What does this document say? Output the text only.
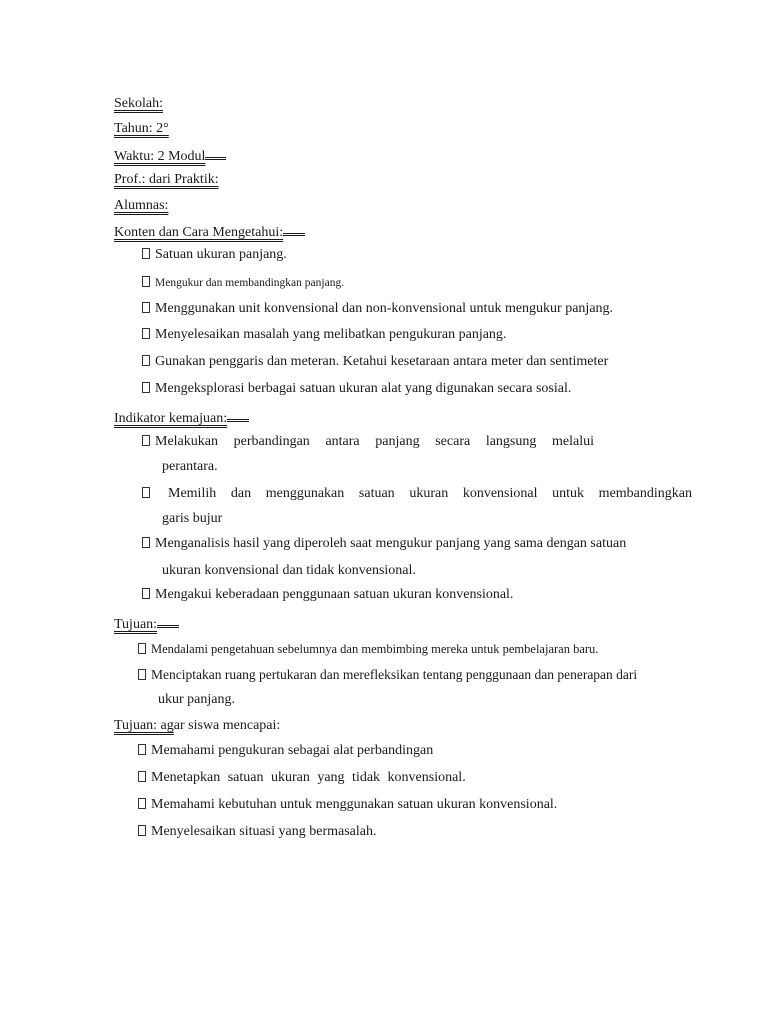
Sekolah:
Tahun: 2°
Waktu: 2 Modul
Prof.: dari Praktik:
Alumnas:
Konten dan Cara Mengetahui:
Satuan ukuran panjang.
Mengukur dan membandingkan panjang.
Menggunakan unit konvensional dan non-konvensional untuk mengukur panjang.
Menyelesaikan masalah yang melibatkan pengukuran panjang.
Gunakan penggaris dan meteran. Ketahui kesetaraan antara meter dan sentimeter
Mengeksplorasi berbagai satuan ukuran alat yang digunakan secara sosial.
Indikator kemajuan:
Melakukan perbandingan antara panjang secara langsung melalui
perantara.
Memilih dan menggunakan satuan ukuran konvensional untuk membandingkan
garis bujur
Menganalisis hasil yang diperoleh saat mengukur panjang yang sama dengan satuan
ukuran konvensional dan tidak konvensional.
Mengakui keberadaan penggunaan satuan ukuran konvensional.
Tujuan:
Mendalami pengetahuan sebelumnya dan membimbing mereka untuk pembelajaran baru.
Menciptakan ruang pertukaran dan merefleksikan tentang penggunaan dan penerapan dari
ukur panjang.
Tujuan: agar siswa mencapai:
Memahami pengukuran sebagai alat perbandingan
Menetapkan satuan ukuran yang tidak konvensional.
Memahami kebutuhan untuk menggunakan satuan ukuran konvensional.
Menyelesaikan situasi yang bermasalah.
